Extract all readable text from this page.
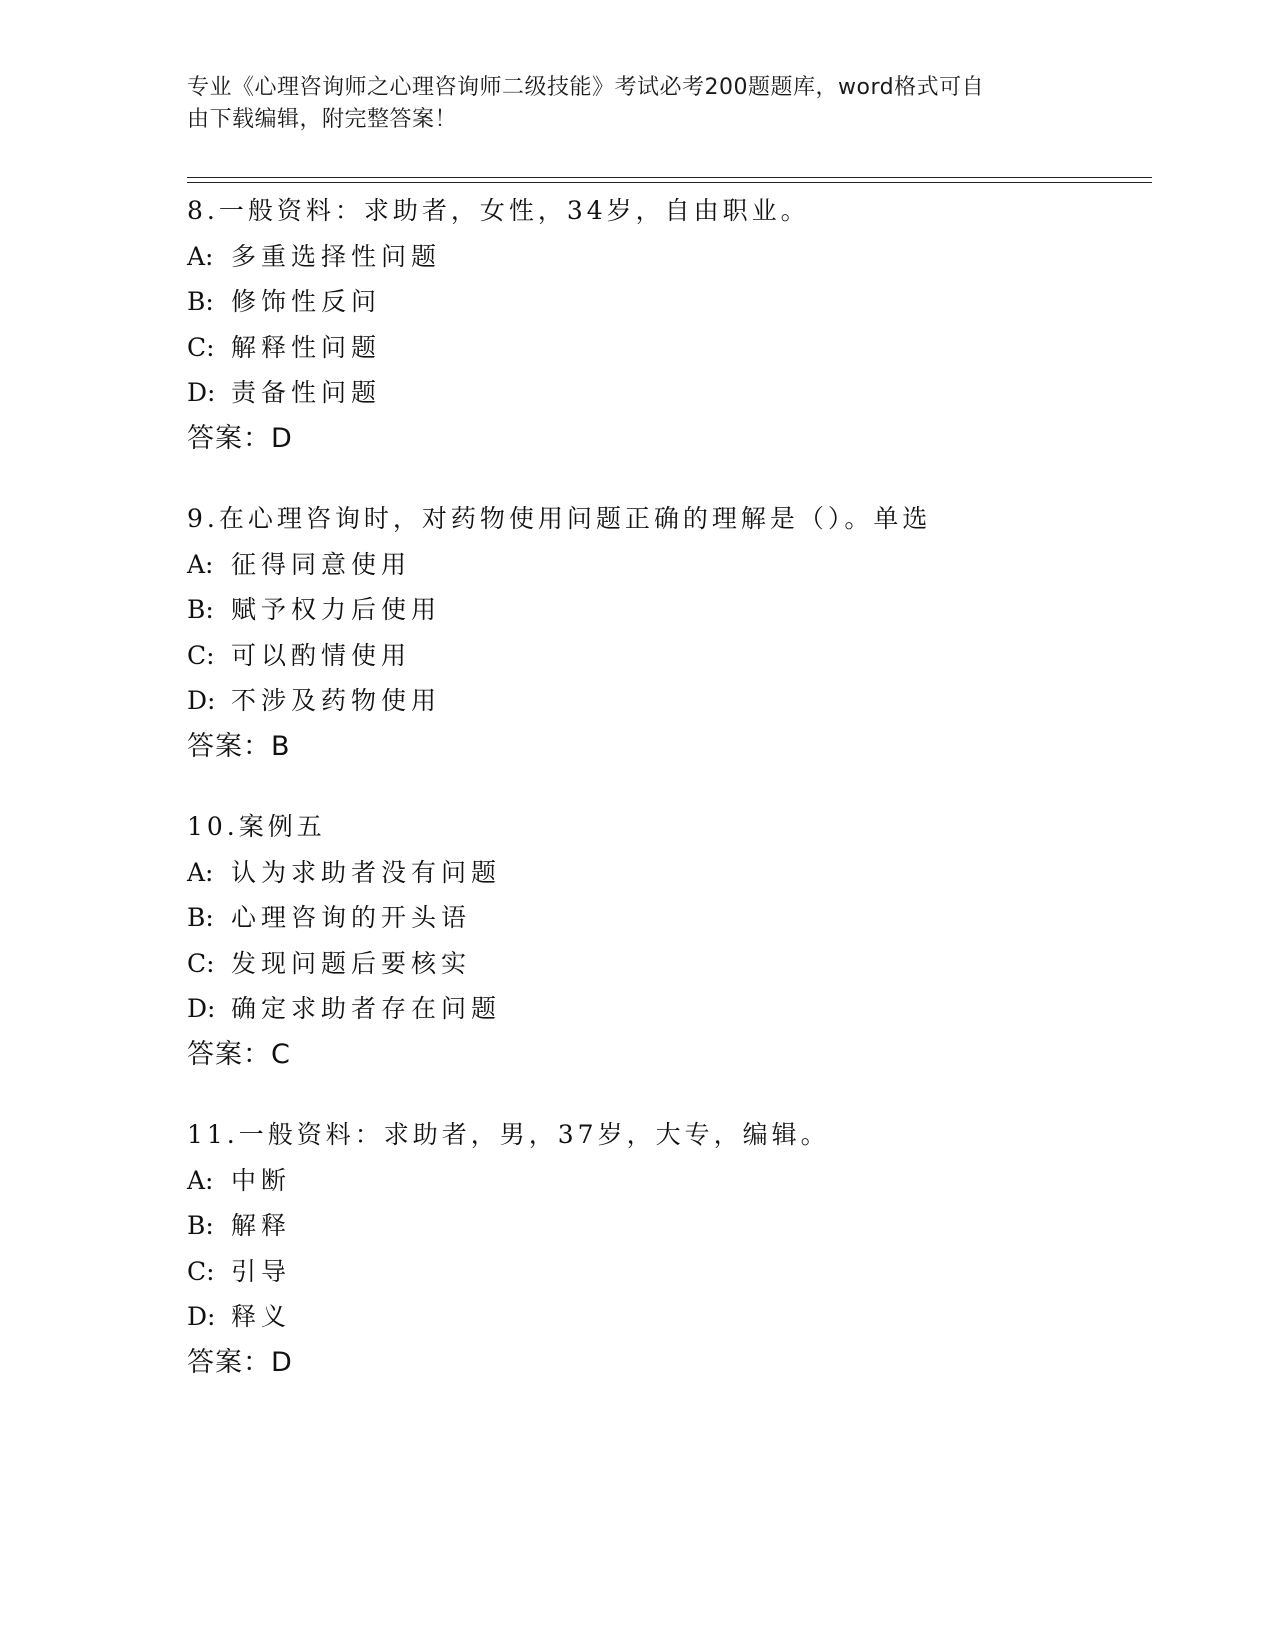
专业《心理咨询师之心理咨询师二级技能》考试必考200题题库，word格式可自
由下载编辑，附完整答案！
8.一般资料：求助者，女性，34岁，自由职业。
A: 多重选择性问题
B: 修饰性反问
C: 解释性问题
D: 责备性问题
答案：D
9.在心理咨询时，对药物使用问题正确的理解是（）。单选
A: 征得同意使用
B: 赋予权力后使用
C: 可以酌情使用
D: 不涉及药物使用
答案：B
10.案例五
A: 认为求助者没有问题
B: 心理咨询的开头语
C: 发现问题后要核实
D: 确定求助者存在问题
答案：C
11.一般资料：求助者，男，37岁，大专，编辑。
A: 中断
B: 解释
C: 引导
D: 释义
答案：D
